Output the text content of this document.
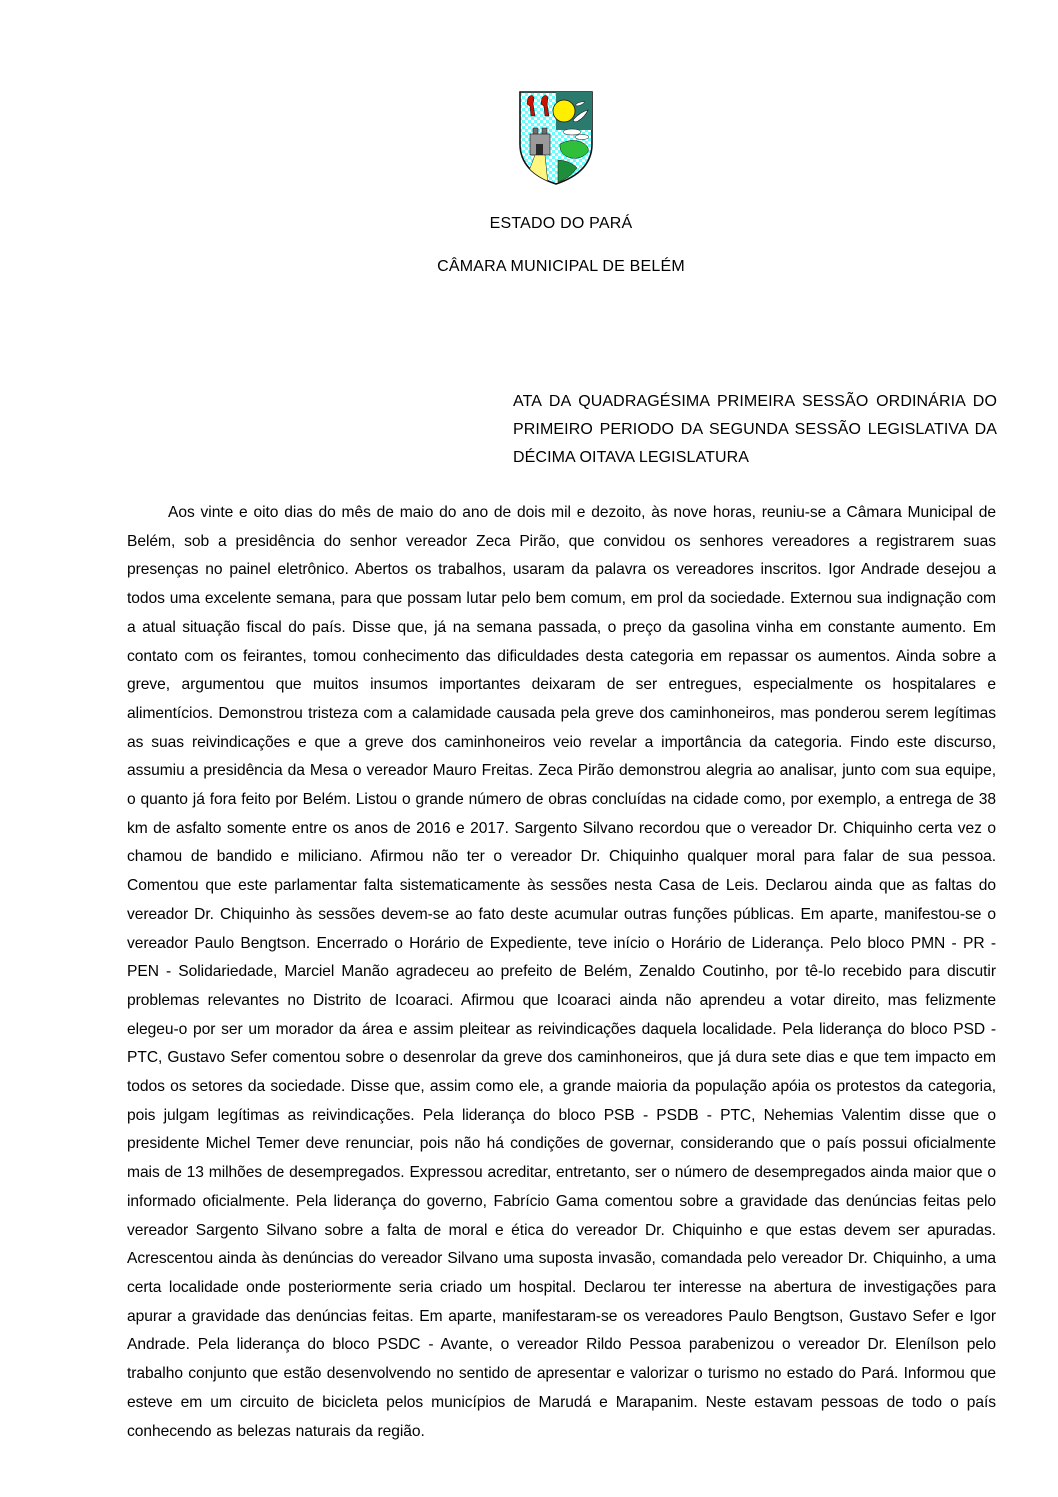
ESTADO DO PARÁ
CÂMARA MUNICIPAL DE BELÉM
ATA DA QUADRAGÉSIMA PRIMEIRA SESSÃO ORDINÁRIA DO PRIMEIRO PERIODO DA SEGUNDA SESSÃO LEGISLATIVA DA DÉCIMA OITAVA LEGISLATURA
Aos vinte e oito dias do mês de maio do ano de dois mil e dezoito, às nove horas, reuniu-se a Câmara Municipal de Belém, sob a presidência do senhor vereador Zeca Pirão, que convidou os senhores vereadores a registrarem suas presenças no painel eletrônico. Abertos os trabalhos, usaram da palavra os vereadores inscritos. Igor Andrade desejou a todos uma excelente semana, para que possam lutar pelo bem comum, em prol da sociedade. Externou sua indignação com a atual situação fiscal do país. Disse que, já na semana passada, o preço da gasolina vinha em constante aumento. Em contato com os feirantes, tomou conhecimento das dificuldades desta categoria em repassar os aumentos. Ainda sobre a greve, argumentou que muitos insumos importantes deixaram de ser entregues, especialmente os hospitalares e alimentícios. Demonstrou tristeza com a calamidade causada pela greve dos caminhoneiros, mas ponderou serem legítimas as suas reivindicações e que a greve dos caminhoneiros veio revelar a importância da categoria. Findo este discurso, assumiu a presidência da Mesa o vereador Mauro Freitas. Zeca Pirão demonstrou alegria ao analisar, junto com sua equipe, o quanto já fora feito por Belém. Listou o grande número de obras concluídas na cidade como, por exemplo, a entrega de 38 km de asfalto somente entre os anos de 2016 e 2017. Sargento Silvano recordou que o vereador Dr. Chiquinho certa vez o chamou de bandido e miliciano. Afirmou não ter o vereador Dr. Chiquinho qualquer moral para falar de sua pessoa. Comentou que este parlamentar falta sistematicamente às sessões nesta Casa de Leis. Declarou ainda que as faltas do vereador Dr. Chiquinho às sessões devem-se ao fato deste acumular outras funções públicas. Em aparte, manifestou-se o vereador Paulo Bengtson. Encerrado o Horário de Expediente, teve início o Horário de Liderança. Pelo bloco PMN - PR - PEN - Solidariedade, Marciel Manão agradeceu ao prefeito de Belém, Zenaldo Coutinho, por tê-lo recebido para discutir problemas relevantes no Distrito de Icoaraci. Afirmou que Icoaraci ainda não aprendeu a votar direito, mas felizmente elegeu-o por ser um morador da área e assim pleitear as reivindicações daquela localidade. Pela liderança do bloco PSD - PTC, Gustavo Sefer comentou sobre o desenrolar da greve dos caminhoneiros, que já dura sete dias e que tem impacto em todos os setores da sociedade. Disse que, assim como ele, a grande maioria da população apóia os protestos da categoria, pois julgam legítimas as reivindicações. Pela liderança do bloco PSB - PSDB - PTC, Nehemias Valentim disse que o presidente Michel Temer deve renunciar, pois não há condições de governar, considerando que o país possui oficialmente mais de 13 milhões de desempregados. Expressou acreditar, entretanto, ser o número de desempregados ainda maior que o informado oficialmente. Pela liderança do governo, Fabrício Gama comentou sobre a gravidade das denúncias feitas pelo vereador Sargento Silvano sobre a falta de moral e ética do vereador Dr. Chiquinho e que estas devem ser apuradas. Acrescentou ainda às denúncias do vereador Silvano uma suposta invasão, comandada pelo vereador Dr. Chiquinho, a uma certa localidade onde posteriormente seria criado um hospital. Declarou ter interesse na abertura de investigações para apurar a gravidade das denúncias feitas. Em aparte, manifestaram-se os vereadores Paulo Bengtson, Gustavo Sefer e Igor Andrade. Pela liderança do bloco PSDC - Avante, o vereador Rildo Pessoa parabenizou o vereador Dr. Elenílson pelo trabalho conjunto que estão desenvolvendo no sentido de apresentar e valorizar o turismo no estado do Pará. Informou que esteve em um circuito de bicicleta pelos municípios de Marudá e Marapanim. Neste estavam pessoas de todo o país conhecendo as belezas naturais da região.
